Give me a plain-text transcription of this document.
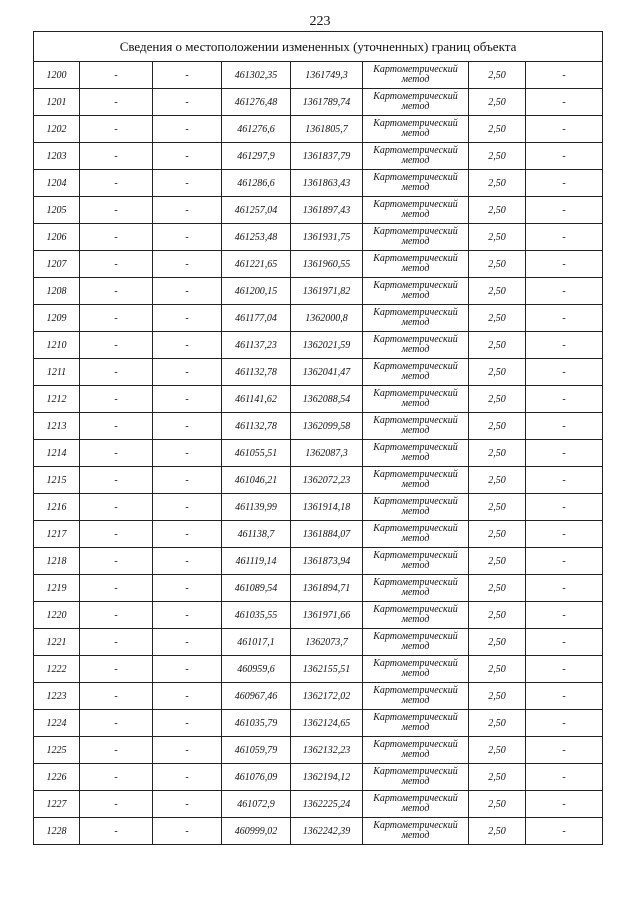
223
Сведения о местоположении измененных (уточненных) границ объекта							
1200	-	-	461302,35	1361749,3	Картометрический метод	2,50	-
1201	-	-	461276,48	1361789,74	Картометрический метод	2,50	-
1202	-	-	461276,6	1361805,7	Картометрический метод	2,50	-
1203	-	-	461297,9	1361837,79	Картометрический метод	2,50	-
1204	-	-	461286,6	1361863,43	Картометрический метод	2,50	-
1205	-	-	461257,04	1361897,43	Картометрический метод	2,50	-
1206	-	-	461253,48	1361931,75	Картометрический метод	2,50	-
1207	-	-	461221,65	1361960,55	Картометрический метод	2,50	-
1208	-	-	461200,15	1361971,82	Картометрический метод	2,50	-
1209	-	-	461177,04	1362000,8	Картометрический метод	2,50	-
1210	-	-	461137,23	1362021,59	Картометрический метод	2,50	-
1211	-	-	461132,78	1362041,47	Картометрический метод	2,50	-
1212	-	-	461141,62	1362088,54	Картометрический метод	2,50	-
1213	-	-	461132,78	1362099,58	Картометрический метод	2,50	-
1214	-	-	461055,51	1362087,3	Картометрический метод	2,50	-
1215	-	-	461046,21	1362072,23	Картометрический метод	2,50	-
1216	-	-	461139,99	1361914,18	Картометрический метод	2,50	-
1217	-	-	461138,7	1361884,07	Картометрический метод	2,50	-
1218	-	-	461119,14	1361873,94	Картометрический метод	2,50	-
1219	-	-	461089,54	1361894,71	Картометрический метод	2,50	-
1220	-	-	461035,55	1361971,66	Картометрический метод	2,50	-
1221	-	-	461017,1	1362073,7	Картометрический метод	2,50	-
1222	-	-	460959,6	1362155,51	Картометрический метод	2,50	-
1223	-	-	460967,46	1362172,02	Картометрический метод	2,50	-
1224	-	-	461035,79	1362124,65	Картометрический метод	2,50	-
1225	-	-	461059,79	1362132,23	Картометрический метод	2,50	-
1226	-	-	461076,09	1362194,12	Картометрический метод	2,50	-
1227	-	-	461072,9	1362225,24	Картометрический метод	2,50	-
1228	-	-	460999,02	1362242,39	Картометрический метод	2,50	-
